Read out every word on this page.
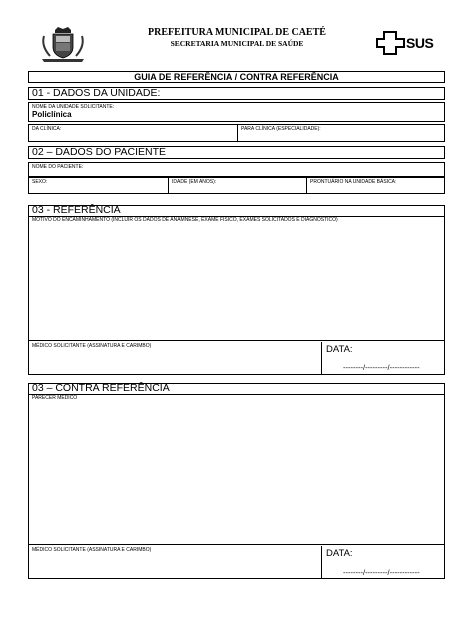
PREFEITURA MUNICIPAL DE CAETÉ
SECRETARIA MUNICIPAL DE SAÚDE	SUS
GUIA DE REFERÊNCIA / CONTRA REFERÊNCIA
01 - DADOS DA UNIDADE:
NOME DA UNIDADE SOLICITANTE:
Policlínica
DA CLÍNICA:	PARA CLÍNICA (ESPECIALIDADE):
02 – DADOS DO PACIENTE
NOME DO PACIENTE:
SEXO:	IDADE (EM ANOS):	PRONTUÁRIO NA UNIDADE BÁSICA:
03 - REFERÊNCIA
MOTIVO DO ENCAMINHAMENTO (INCLUIR OS DADOS DE ANAMNESE, EXAME FÍSICO, EXAMES SOLICITADOS E DIAGNÓSTICO)
MÉDICO SOLICITANTE (ASSINATURA E CARIMBO)	DATA:
--------/---------/------------
03 – CONTRA REFERÊNCIA
PARECER MÉDICO
MÉDICO SOLICITANTE (ASSINATURA E CARIMBO)	DATA:
--------/---------/------------
